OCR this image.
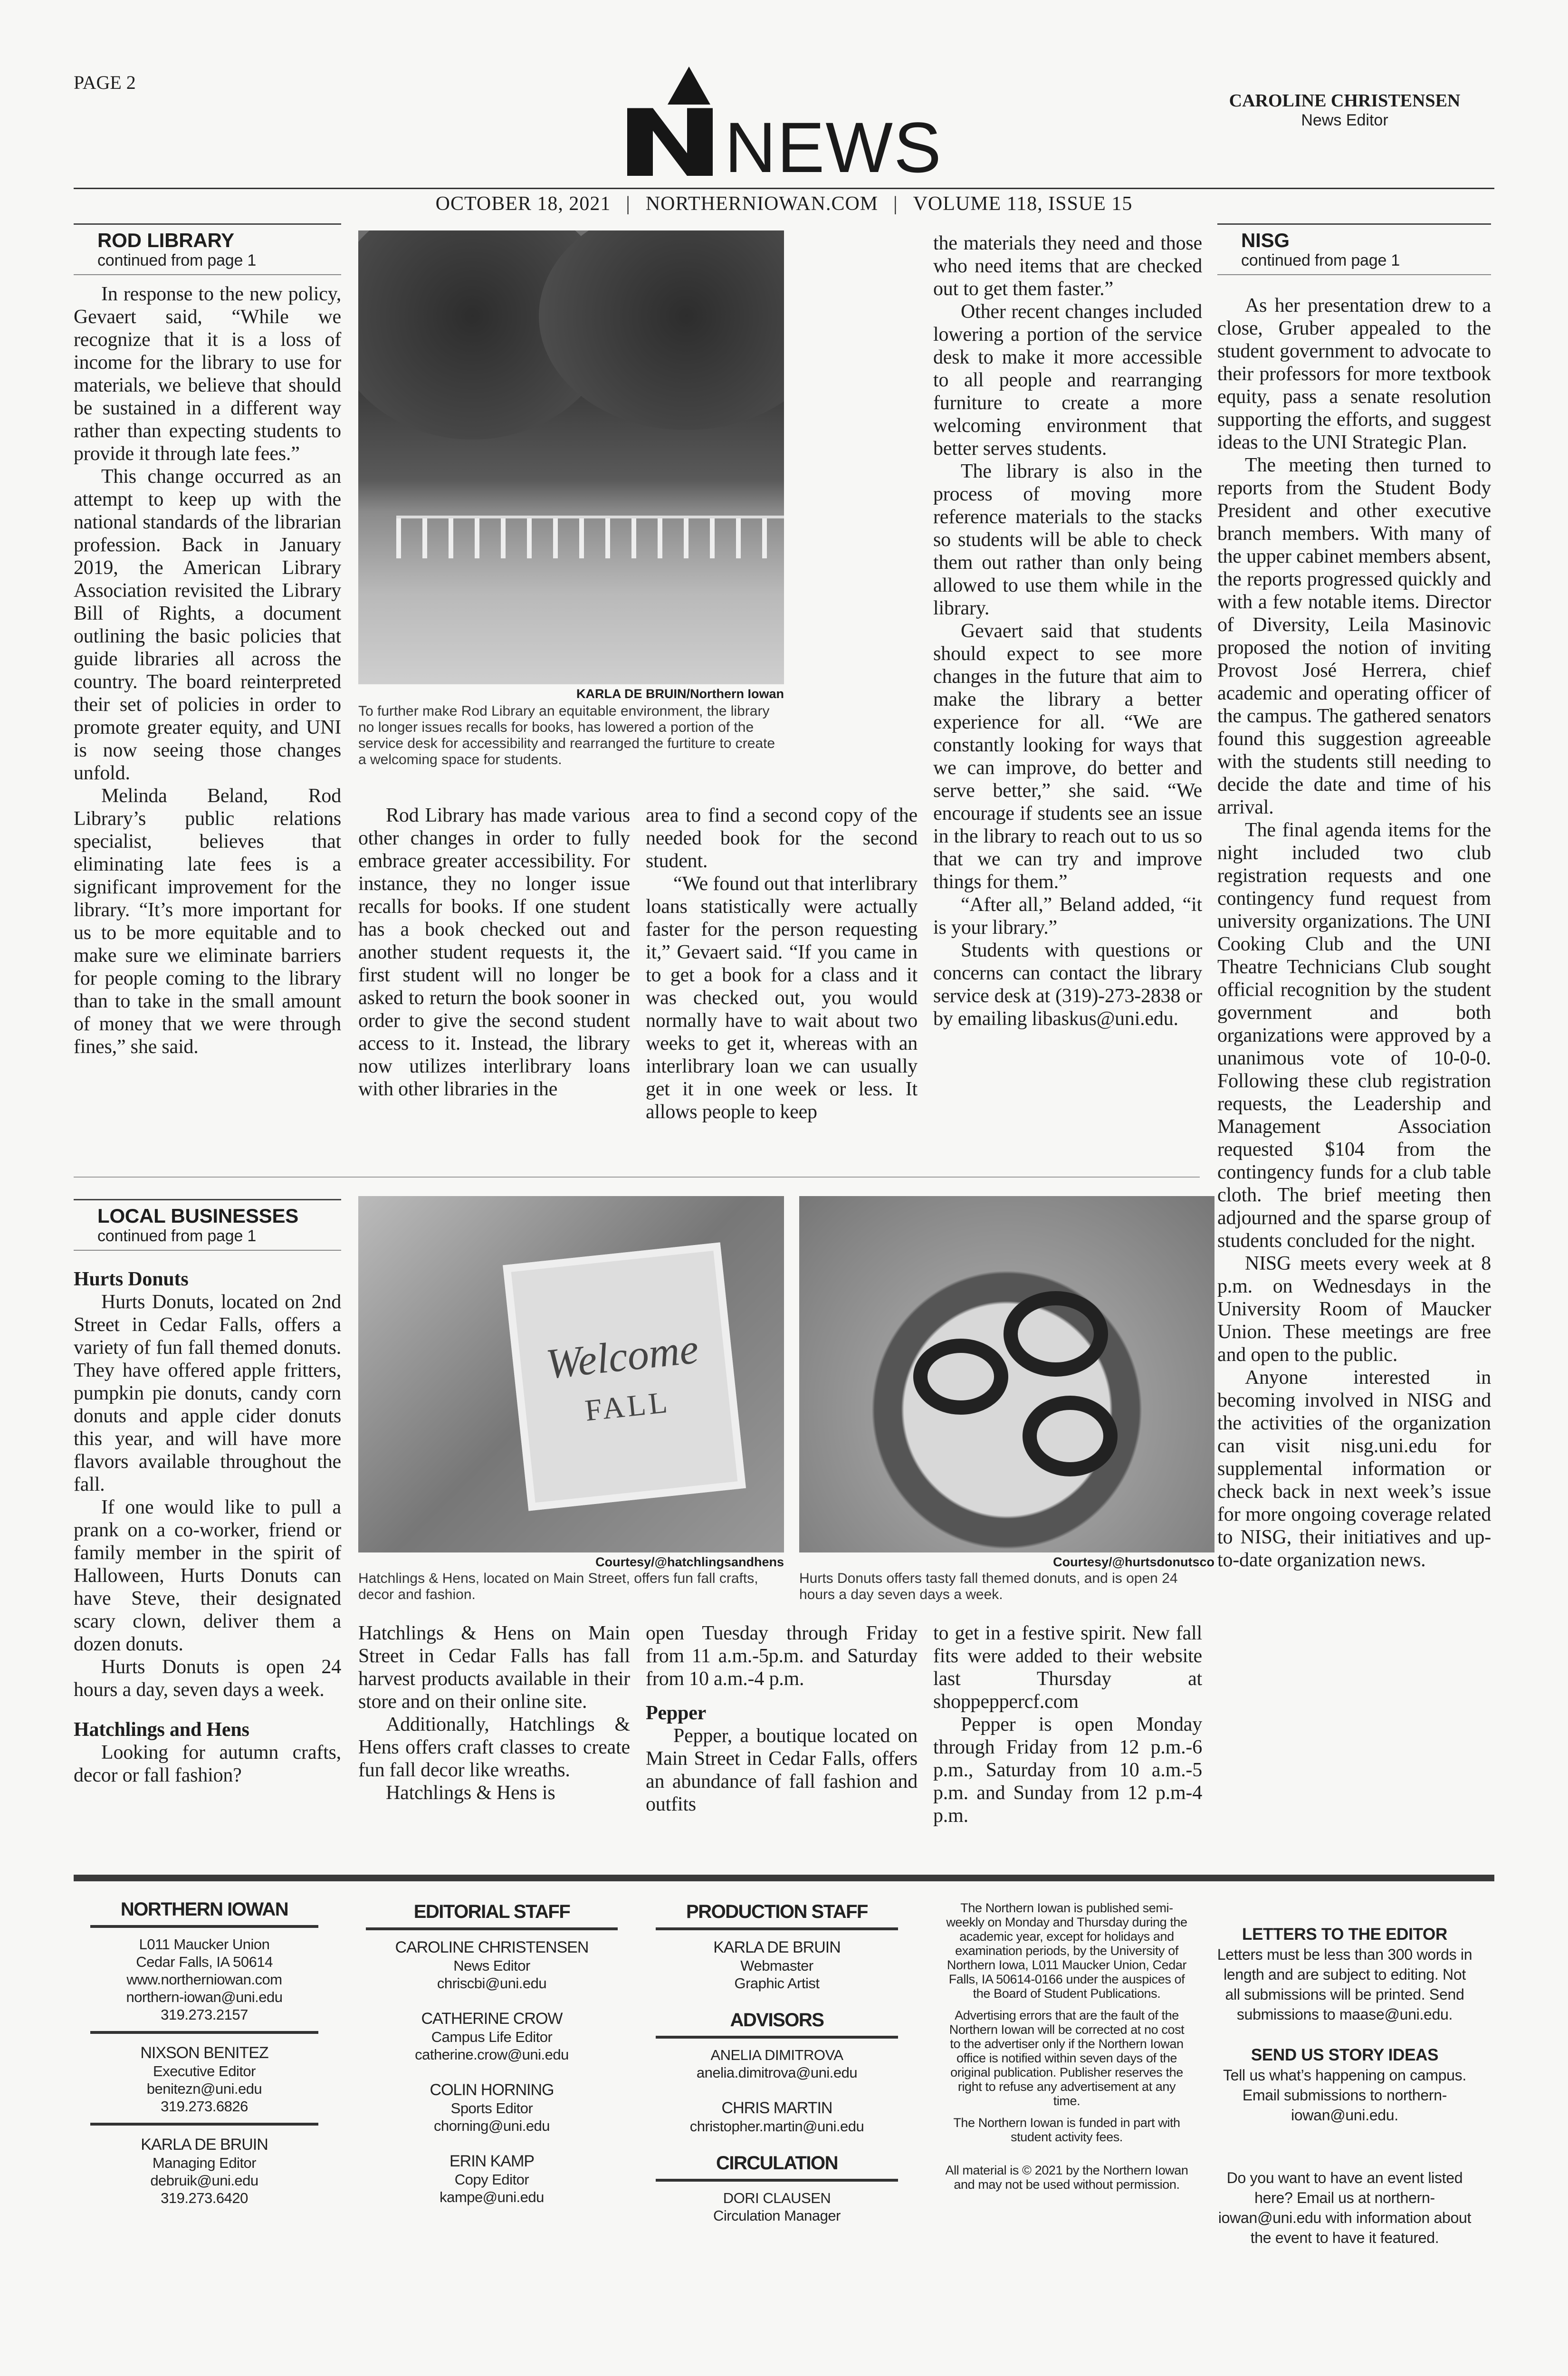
PAGE 2
NEWS
CAROLINE CHRISTENSEN
News Editor
OCTOBER 18, 2021 | NORTHERNIOWAN.COM | VOLUME 118, ISSUE 15
ROD LIBRARY
continued from page 1

In response to the new policy, Gevaert said, “While we recognize that it is a loss of income for the library to use for materials, we believe that should be sustained in a different way rather than expecting students to provide it through late fees.”

This change occurred as an attempt to keep up with the national standards of the librarian profession. Back in January 2019, the American Library Association revisited the Library Bill of Rights, a document outlining the basic policies that guide libraries all across the country. The board reinterpreted their set of policies in order to promote greater equity, and UNI is now seeing those changes unfold.

Melinda Beland, Rod Library’s public relations specialist, believes that eliminating late fees is a significant improvement for the library. “It’s more important for us to be more equitable and to make sure we eliminate barriers for people coming to the library than to take in the small amount of money that we were through fines,” she said.

KARLA DE BRUIN/Northern Iowan
To further make Rod Library an equitable environment, the library no longer issues recalls for books, has lowered a portion of the service desk for accessibility and rearranged the furtiture to create a welcoming space for students.

Rod Library has made various other changes in order to fully embrace greater accessibility. For instance, they no longer issue recalls for books. If one student has a book checked out and another student requests it, the first student will no longer be asked to return the book sooner in order to give the second student access to it. Instead, the library now utilizes interlibrary loans with other libraries in the

area to find a second copy of the needed book for the second student.

“We found out that interlibrary loans statistically were actually faster for the person requesting it,” Gevaert said. “If you came in to get a book for a class and it was checked out, you would normally have to wait about two weeks to get it, whereas with an interlibrary loan we can usually get it in one week or less. It allows people to keep

the materials they need and those who need items that are checked out to get them faster.”

Other recent changes included lowering a portion of the service desk to make it more accessible to all people and rearranging furniture to create a more welcoming environment that better serves students.

The library is also in the process of moving more reference materials to the stacks so students will be able to check them out rather than only being allowed to use them while in the library.

Gevaert said that students should expect to see more changes in the future that aim to make the library a better experience for all. “We are constantly looking for ways that we can improve, do better and serve better,” she said. “We encourage if students see an issue in the library to reach out to us so that we can try and improve things for them.”

“After all,” Beland added, “it is your library.”

Students with questions or concerns can contact the library service desk at (319)-273-2838 or by emailing libaskus@uni.edu.

NISG
continued from page 1

As her presentation drew to a close, Gruber appealed to the student government to advocate to their professors for more textbook equity, pass a senate resolution supporting the efforts, and suggest ideas to the UNI Strategic Plan.

The meeting then turned to reports from the Student Body President and other executive branch members. With many of the upper cabinet members absent, the reports progressed quickly and with a few notable items. Director of Diversity, Leila Masinovic proposed the notion of inviting Provost José Herrera, chief academic and operating officer of the campus. The gathered senators found this suggestion agreeable with the students still needing to decide the date and time of his arrival.

The final agenda items for the night included two club registration requests and one contingency fund request from university organizations. The UNI Cooking Club and the UNI Theatre Technicians Club sought official recognition by the student government and both organizations were approved by a unanimous vote of 10-0-0. Following these club registration requests, the Leadership and Management Association requested $104 from the contingency funds for a club table cloth. The brief meeting then adjourned and the sparse group of students concluded for the night.

NISG meets every week at 8 p.m. on Wednesdays in the University Room of Maucker Union. These meetings are free and open to the public.

Anyone interested in becoming involved in NISG and the activities of the organization can visit nisg.uni.edu for supplemental information or check back in next week’s issue for more ongoing coverage related to NISG, their initiatives and up-to-date organization news.

LOCAL BUSINESSES
continued from page 1
Hurts Donuts

Hurts Donuts, located on 2nd Street in Cedar Falls, offers a variety of fun fall themed donuts. They have offered apple fritters, pumpkin pie donuts, candy corn donuts and apple cider donuts this year, and will have more flavors available throughout the fall.

If one would like to pull a prank on a co-worker, friend or family member in the spirit of Halloween, Hurts Donuts can have Steve, their designated scary clown, deliver them a dozen donuts.

Hurts Donuts is open 24 hours a day, seven days a week.

Hatchlings and Hens

Looking for autumn crafts, decor or fall fashion?

Welcome
FALL
Courtesy/@hatchlingsandhens
Hatchlings & Hens, located on Main Street, offers fun fall crafts, decor and fashion.
Courtesy/@hurtsdonutsco
Hurts Donuts offers tasty fall themed donuts, and is open 24 hours a day seven days a week.

Hatchlings & Hens on Main Street in Cedar Falls has fall harvest products available in their store and on their online site.

Additionally, Hatchlings & Hens offers craft classes to create fun fall decor like wreaths.

Hatchlings & Hens is

open Tuesday through Friday from 11 a.m.-5p.m. and Saturday from 10 a.m.-4 p.m.

Pepper

Pepper, a boutique located on Main Street in Cedar Falls, offers an abundance of fall fashion and outfits

to get in a festive spirit. New fall fits were added to their website last Thursday at shoppeppercf.com

Pepper is open Monday through Friday from 12 p.m.-6 p.m., Saturday from 10 a.m.-5 p.m. and Sunday from 12 p.m-4 p.m.

NORTHERN IOWAN
L011 Maucker Union
Cedar Falls, IA 50614
www.northerniowan.com
northern-iowan@uni.edu
319.273.2157
NIXSON BENITEZ
Executive Editor
benitezn@uni.edu
319.273.6826
KARLA DE BRUIN
Managing Editor
debruik@uni.edu
319.273.6420
EDITORIAL STAFF
CAROLINE CHRISTENSEN
News Editor
chriscbi@uni.edu
CATHERINE CROW
Campus Life Editor
catherine.crow@uni.edu
COLIN HORNING
Sports Editor
chorning@uni.edu
ERIN KAMP
Copy Editor
kampe@uni.edu
PRODUCTION STAFF
KARLA DE BRUIN
Webmaster
Graphic Artist
ADVISORS
ANELIA DIMITROVA
anelia.dimitrova@uni.edu
CHRIS MARTIN
christopher.martin@uni.edu
CIRCULATION
DORI CLAUSEN
Circulation Manager

The Northern Iowan is published semi-weekly on Monday and Thursday during the academic year, except for holidays and examination periods, by the University of Northern Iowa, L011 Maucker Union, Cedar Falls, IA 50614-0166 under the auspices of the Board of Student Publications.

Advertising errors that are the fault of the Northern Iowan will be corrected at no cost to the advertiser only if the Northern Iowan office is notified within seven days of the original publication. Publisher reserves the right to refuse any advertisement at any time.

The Northern Iowan is funded in part with student activity fees.

All material is © 2021 by the Northern Iowan and may not be used without permission.

LETTERS TO THE EDITOR
Letters must be less than 300 words in length and are subject to editing. Not all submissions will be printed. Send submissions to maase@uni.edu.
SEND US STORY IDEAS
Tell us what’s happening on campus. Email submissions to northern-iowan@uni.edu.
Do you want to have an event listed here? Email us at northern-iowan@uni.edu with information about the event to have it featured.
